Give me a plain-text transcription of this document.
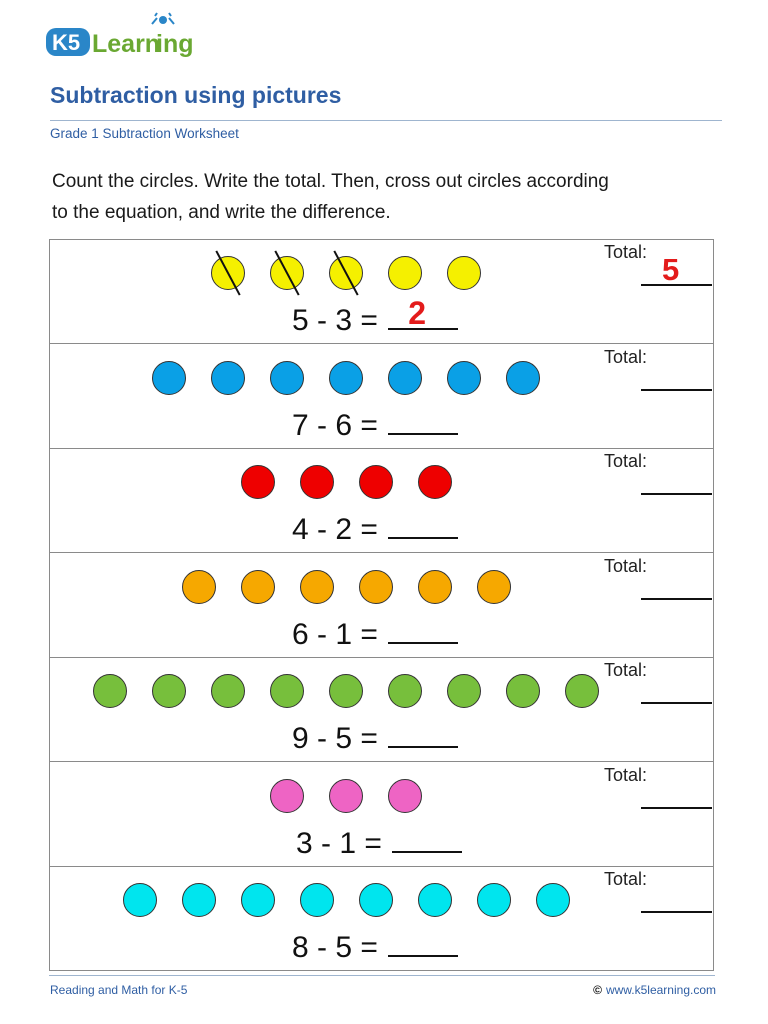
K5 Learn
ing
Subtraction using pictures
Grade 1 Subtraction Worksheet
Count the circles. Write the total. Then, cross out circles according
to the equation, and write the difference.
5 - 3 = 2
Total: 5
7 - 6 =
Total:
4 - 2 =
Total:
6 - 1 =
Total:
9 - 5 =
Total:
3 - 1 =
Total:
8 - 5 =
Total:
Reading and Math for K-5	© www.k5learning.com
